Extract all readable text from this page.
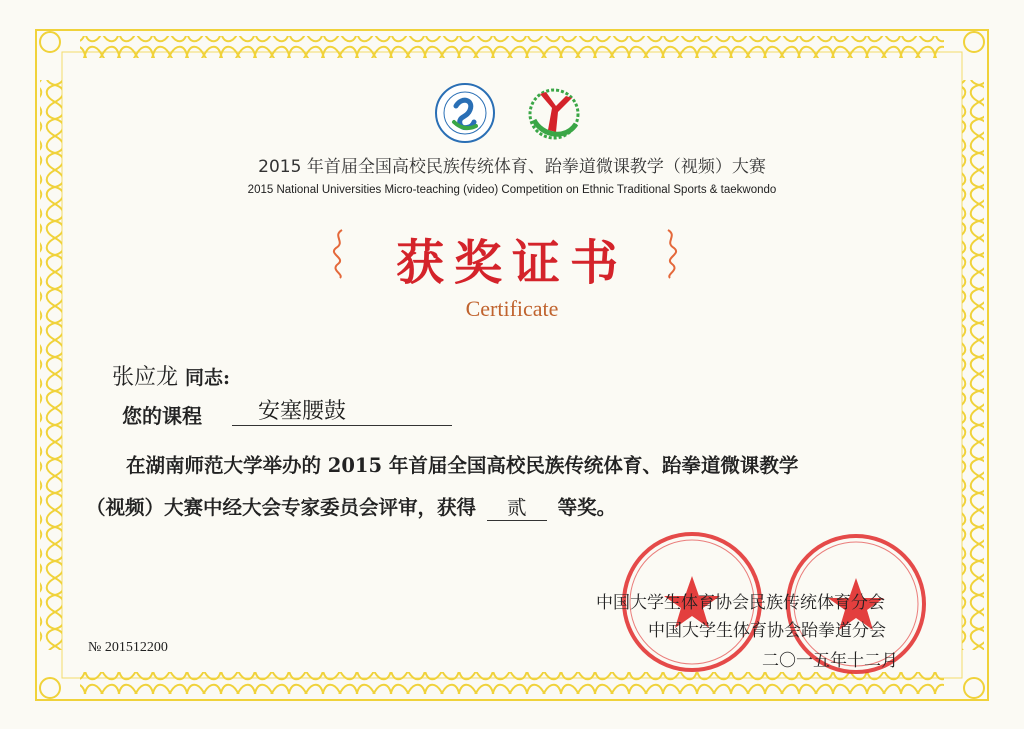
2015 年首届全国高校民族传统体育、跆拳道微课教学（视频）大赛
2015 National Universities Micro-teaching (video) Competition on Ethnic Traditional Sports & taekwondo
获奖证书
Certificate
张应龙 同志:
您的课程	安塞腰鼓
在湖南师范大学举办的 2015 年首届全国高校民族传统体育、跆拳道微课教学
（视频）大赛中经大会专家委员会评审，获得 贰 等奖。
№ 201512200
中国大学生体育协会民族传统体育分会
中国大学生体育协会跆拳道分会
二〇一五年十二月
